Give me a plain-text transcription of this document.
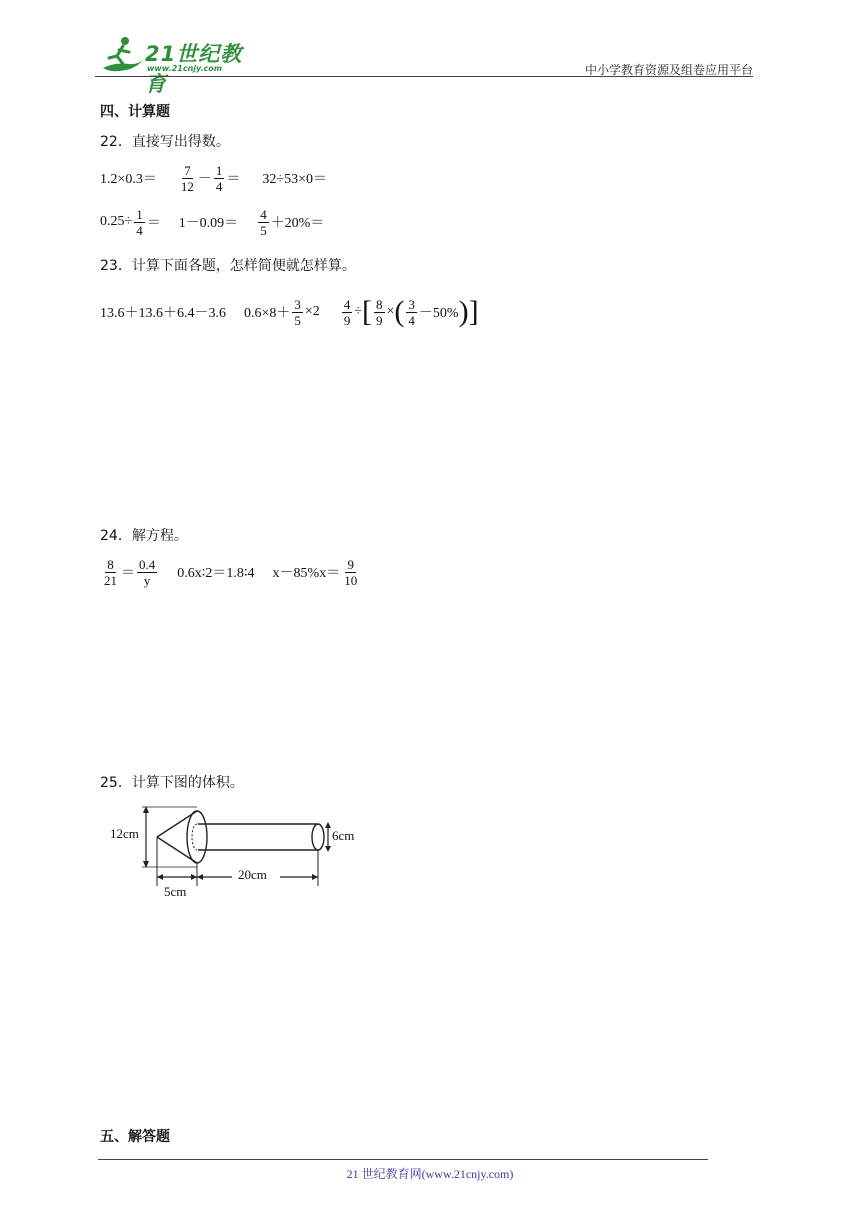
21世纪教育
www.21cnjy.com	中小学教育资源及组卷应用平台
四、计算题
22．直接写出得数。
$1.2\times 0.3= \frac{7}{12} - \frac{1}{4} = 32\div 53\times 0=$
$0.25\div \frac{1}{4} = 1-0.09= \frac{4}{5} +20\%=$
23．计算下面各题，怎样简便就怎样算。
13.6＋13.6＋6.4－3.6 $0.6\times 8+ \frac{3}{5} \times 2 \frac{4}{9}$ ÷ [ $\frac{8}{9}$ × ( $\frac{3}{4} -50\%$ ) ]
24．解方程。
$\frac{8}{21} = \frac{0.4}{y}$ 0.6x∶2＝1.8∶4 $x-85\%x= \frac{9}{10}$
25．计算下图的体积。
12cm
5cm
20cm
6cm
五、解答题
21 世纪教育网(www.21cnjy.com)
